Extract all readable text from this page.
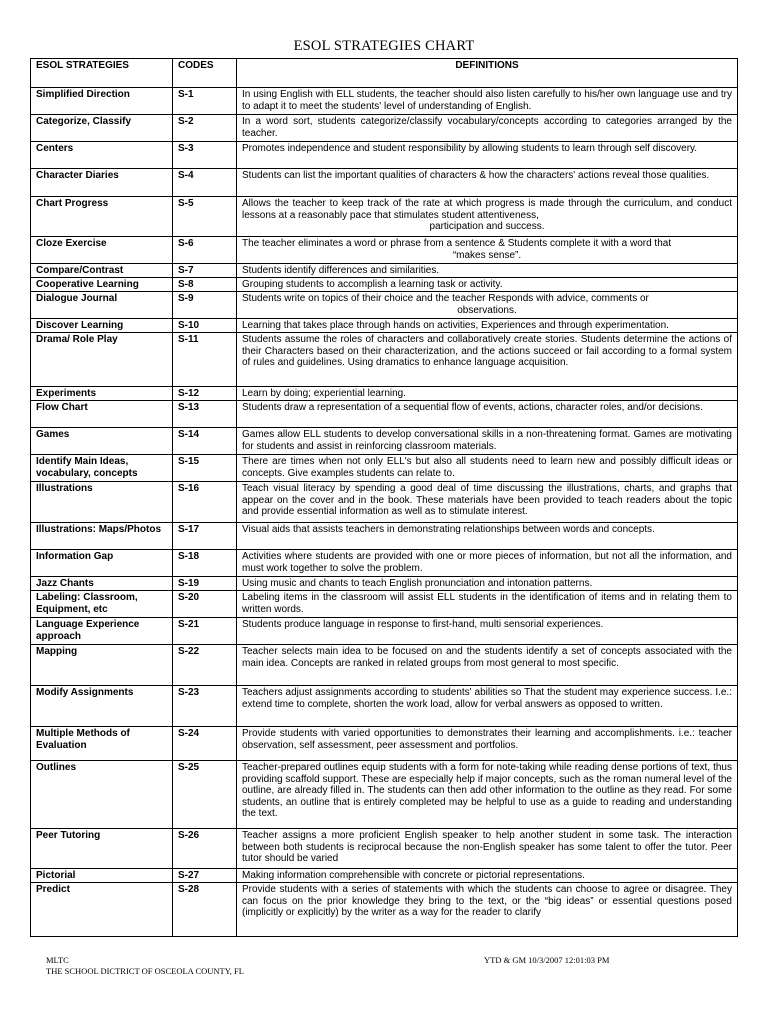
ESOL STRATEGIES CHART
ESOL STRATEGIES	CODES	DEFINITIONS
Simplified Direction	S-1	In using English with ELL students, the teacher should also listen carefully to his/her own language use and try to adapt it to meet the students' level of understanding of English.
Categorize, Classify	S-2	In a word sort, students categorize/classify vocabulary/concepts according to categories arranged by the teacher.
Centers	S-3	Promotes independence and student responsibility by allowing students to learn through self discovery.
Character Diaries	S-4	Students can list the important qualities of characters & how the characters' actions reveal those qualities.
Chart Progress	S-5	Allows the teacher to keep track of the rate at which progress is made through the curriculum, and conduct lessons at a reasonably pace that stimulates student attentiveness,
participation and success.

Cloze Exercise	S-6	The teacher eliminates a word or phrase from a sentence & Students complete it with a word that
“makes sense”.

Compare/Contrast	S-7	Students identify differences and similarities.
Cooperative Learning	S-8	Grouping students to accomplish a learning task or activity.
Dialogue Journal	S-9	Students write on topics of their choice and the teacher Responds with advice, comments or
observations.

Discover Learning	S-10	Learning that takes place through hands on activities, Experiences and through experimentation.
Drama/ Role Play	S-11	Students assume the roles of characters and collaboratively create stories. Students determine the actions of their Characters based on their characterization, and the actions succeed or fail according to a formal system of rules and guidelines. Using dramatics to enhance language acquisition.
Experiments	S-12	Learn by doing; experiential learning.
Flow Chart	S-13	Students draw a representation of a sequential flow of events, actions, character roles, and/or decisions.
Games	S-14	Games allow ELL students to develop conversational skills in a non-threatening format. Games are motivating for students and assist in reinforcing classroom materials.
Identify Main Ideas, vocabulary, concepts	S-15	There are times when not only ELL's but also all students need to learn new and possibly difficult ideas or concepts. Give examples students can relate to.
Illustrations	S-16	Teach visual literacy by spending a good deal of time discussing the illustrations, charts, and graphs that appear on the cover and in the book. These materials have been provided to teach readers about the topic and provide essential information as well as to stimulate interest.
Illustrations: Maps/Photos	S-17	Visual aids that assists teachers in demonstrating relationships between words and concepts.
Information Gap	S-18	Activities where students are provided with one or more pieces of information, but not all the information, and must work together to solve the problem.
Jazz Chants	S-19	Using music and chants to teach English pronunciation and intonation patterns.
Labeling: Classroom, Equipment, etc	S-20	Labeling items in the classroom will assist ELL students in the identification of items and in relating them to written words.
Language Experience approach	S-21	Students produce language in response to first-hand, multi sensorial experiences.
Mapping	S-22	Teacher selects main idea to be focused on and the students identify a set of concepts associated with the main idea. Concepts are ranked in related groups from most general to most specific.
Modify Assignments	S-23	Teachers adjust assignments according to students' abilities so That the student may experience success. I.e.: extend time to complete, shorten the work load, allow for verbal answers as opposed to written.
Multiple Methods of Evaluation	S-24	Provide students with varied opportunities to demonstrates their learning and accomplishments. i.e.: teacher observation, self assessment, peer assessment and portfolios.
Outlines	S-25	Teacher-prepared outlines equip students with a form for note-taking while reading dense portions of text, thus providing scaffold support. These are especially help if major concepts, such as the roman numeral level of the outline, are already filled in. The students can then add other information to the outline as they read. For some students, an outline that is entirely completed may be helpful to use as a guide to reading and understanding the text.
Peer Tutoring	S-26	Teacher assigns a more proficient English speaker to help another student in some task. The interaction between both students is reciprocal because the non-English speaker has some talent to offer the tutor. Peer tutor should be varied
Pictorial	S-27	Making information comprehensible with concrete or pictorial representations.
Predict	S-28	Provide students with a series of statements with which the students can choose to agree or disagree. They can focus on the prior knowledge they bring to the text, or the “big ideas” or essential questions posed (implicitly or explicitly) by the writer as a way for the reader to clarify
MLTC
THE SCHOOL DICTRICT OF OSCEOLA COUNTY, FL
YTD & GM 10/3/2007 12:01:03 PM
